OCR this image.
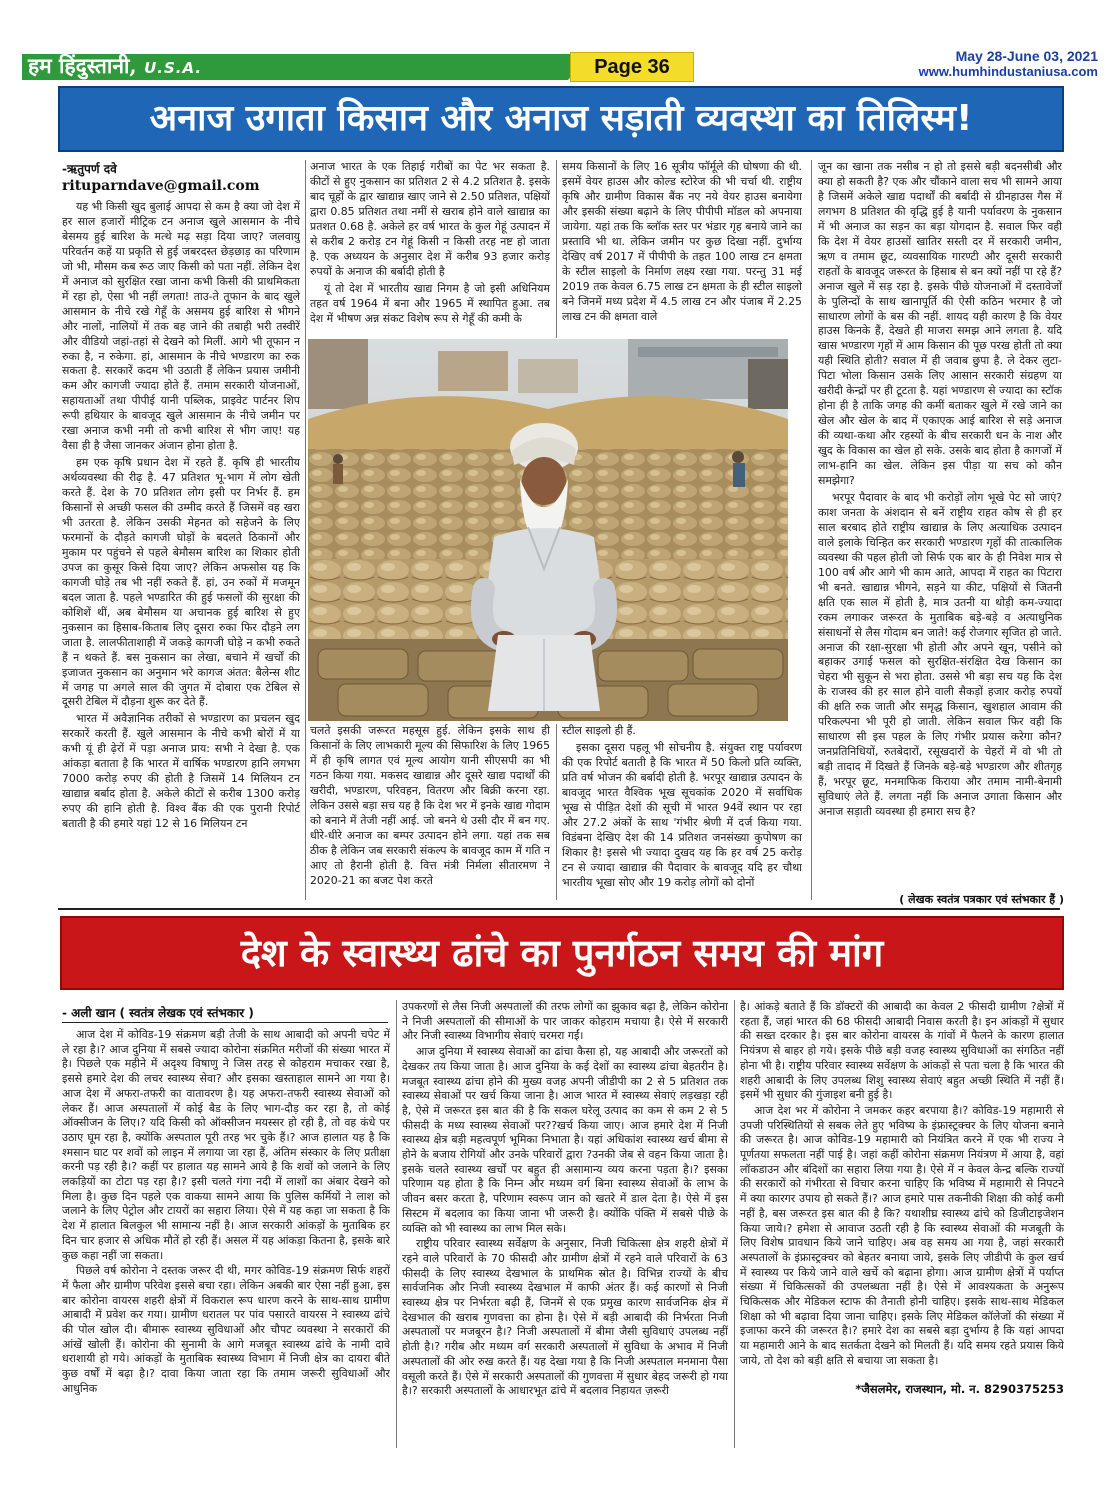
हम हिंदुस्तानी, U.S.A.	Page 36	May 28-June 03, 2021
www.humhindustaniusa.com
अनाज उगाता किसान और अनाज सड़ाती व्यवस्था का तिलिस्म!
-ऋतुपर्ण दवे
rituparndave@gmail.com

यह भी किसी खुद बुलाई आपदा से कम है क्या जो देश में हर साल हजारों मीट्रिक टन अनाज खुले आसमान के नीचे बेसमय हुई बारिश के मत्थे मढ़ सड़ा दिया जाए? जलवायु परिवर्तन कहें या प्रकृति से हुई जबरदस्त छेड़छाड़ का परिणाम जो भी, मौसम कब रूठ जाए किसी को पता नहीं. लेकिन देश में अनाज को सुरक्षित रखा जाना कभी किसी की प्राथमिकता में रहा हो, ऐसा भी नहीं लगता! ताउ-ते तूफान के बाद खुले आसमान के नीचे रखे गेहूँ के असमय हुई बारिश से भीगने और नालों, नालियों में तक बह जाने की तबाही भरी तस्वीरें और वीडियो जहां-तहां से देखने को मिलीं. आगे भी तूफान न रुका है, न रुकेगा. हां, आसमान के नीचे भण्डारण का रुक सकता है. सरकारें कदम भी उठाती हैं लेकिन प्रयास जमीनी कम और कागजी ज्यादा होते हैं. तमाम सरकारी योजनाओं, सहायताओं तथा पीपीई यानी पब्लिक, प्राइवेट पार्टनर शिप रूपी हथियार के बावजूद खुले आसमान के नीचे जमीन पर रखा अनाज कभी नमी तो कभी बारिश से भीग जाए! यह वैसा ही है जैसा जानकर अंजान होना होता है.

हम एक कृषि प्रधान देश में रहते हैं. कृषि ही भारतीय अर्थव्यवस्था की रीढ़ है. 47 प्रतिशत भू-भाग में लोग खेती करते हैं. देश के 70 प्रतिशत लोग इसी पर निर्भर हैं. हम किसानों से अच्छी फसल की उम्मीद करते हैं जिसमें वह खरा भी उतरता है. लेकिन उसकी मेहनत को सहेजने के लिए फरमानों के दौड़ते कागजी घोड़ों के बदलते ठिकानों और मुकाम पर पहुंचने से पहले बेमौसम बारिश का शिकार होती उपज का कुसूर किसे दिया जाए? लेकिन अफसोस यह कि कागजी घोड़े तब भी नहीं रुकते हैं. हां, उन रुकों में मजमून बदल जाता है. पहले भण्डारित की हुई फसलों की सुरक्षा की कोशिशें थीं, अब बेमौसम या अचानक हुई बारिश से हुए नुकसान का हिसाब-किताब लिए दूसरा रुका फिर दौड़ने लग जाता है. लालफीताशाही में जकड़े कागजी घोड़े न कभी रुकते हैं न थकते हैं. बस नुकसान का लेखा, बचाने में खर्चों की इजाजत नुकसान का अनुमान भरे कागज अंतत: बैलेन्स शीट में जगह पा अगले साल की जुगत में दोबारा एक टेबिल से दूसरी टेबिल में दौड़ना शुरू कर देते हैं.

भारत में अवैज्ञानिक तरीकों से भण्डारण का प्रचलन खुद सरकारें करती हैं. खुले आसमान के नीचे कभी बोरों में या कभी यूं ही ढ़ेरों में पड़ा अनाज प्राय: सभी ने देखा है. एक आंकड़ा बताता है कि भारत में वार्षिक भण्डारण हानि लगभग 7000 करोड़ रुपए की होती है जिसमें 14 मिलियन टन खाद्यान्न बर्बाद होता है. अकेले कीटों से करीब 1300 करोड़ रुपए की हानि होती है. विश्व बैंक की एक पुरानी रिपोर्ट बताती है की हमारे यहां 12 से 16 मिलियन टन

अनाज भारत के एक तिहाई गरीबों का पेट भर सकता है. कीटों से हुए नुकसान का प्रतिशत 2 से 4.2 प्रतिशत है. इसके बाद चूहों के द्वार खाद्यान्न खाए जाने से 2.50 प्रतिशत, पक्षियों द्वारा 0.85 प्रतिशत तथा नमीं से खराब होने वाले खाद्यान्न का प्रतशत 0.68 है. अकेले हर वर्ष भारत के कुल गेहूं उत्पादन में से करीब 2 करोड़ टन गेहूं किसी न किसी तरह नष्ट हो जाता है. एक अध्ययन के अनुसार देश में करीब 93 हजार करोड़ रुपयों के अनाज की बर्बादी होती है

यूं तो देश में भारतीय खाद्य निगम है जो इसी अधिनियम तहत वर्ष 1964 में बना और 1965 में स्थापित हुआ. तब देश में भीषण अन्न संकट विशेष रूप से गेहूँ की कमी के

समय किसानों के लिए 16 सूत्रीय फॉर्मूले की घोषणा की थी. इसमें वेयर हाउस और कोल्ड स्टोरेज की भी चर्चा थी. राष्ट्रीय कृषि और ग्रामीण विकास बैंक नए नये वेयर हाउस बनायेगा और इसकी संख्या बढ़ाने के लिए पीपीपी मॉडल को अपनाया जायेगा. यहां तक कि ब्लॉक स्तर पर भंडार गृह बनाये जाने का प्रस्तावि भी था. लेकिन जमीन पर कुछ दिखा नहीं. दुर्भाग्य देखिए वर्ष 2017 में पीपीपी के तहत 100 लाख टन क्षमता के स्टील साइलो के निर्माण लक्ष्य रखा गया. परन्तु 31 मई 2019 तक केवल 6.75 लाख टन क्षमता के ही स्टील साइलो बने जिनमें मध्य प्रदेश में 4.5 लाख टन और पंजाब में 2.25 लाख टन की क्षमता वाले

चलते इसकी जरूरत महसूस हुई. लेकिन इसके साथ ही किसानों के लिए लाभकारी मूल्य की सिफारिश के लिए 1965 में ही कृषि लागत एवं मूल्य आयोग यानी सीएसपी का भी गठन किया गया. मकसद खाद्यान्न और दूसरे खाद्य पदार्थों की खरीदी, भण्डारण, परिवहन, वितरण और बिक्री करना रहा. लेकिन उससे बड़ा सच यह है कि देश भर में इनके खाद्य गोदाम को बनाने में तेजी नहीं आई. जो बनने थे उसी दौर में बन गए. धीरे-धीरे अनाज का बम्पर उत्पादन होने लगा. यहां तक सब ठीक है लेकिन जब सरकारी संकल्प के बावजूद काम में गति न आए तो हैरानी होती है. वित्त मंत्री निर्मला सीतारमण ने 2020-21 का बजट पेश करते

स्टील साइलो ही हैं.

इसका दूसरा पहलू भी सोचनीय है. संयुक्त राष्ट्र पर्यावरण की एक रिपोर्ट बताती है कि भारत में 50 किलो प्रति व्यक्ति, प्रति वर्ष भोजन की बर्बादी होती है. भरपूर खाद्यान्न उत्पादन के बावजूद भारत वैश्विक भूख सूचकांक 2020 में सर्वाधिक भूख से पीड़ित देशों की सूची में भारत 94वें स्थान पर रहा और 27.2 अंकों के साथ 'गंभीर श्रेणी में दर्ज किया गया. विडंबना देखिए देश की 14 प्रतिशत जनसंख्या कुपोषण का शिकार है! इससे भी ज्यादा दुखद यह कि हर वर्ष 25 करोड़ टन से ज्यादा खाद्यान्न की पैदावार के बावजूद यदि हर चौथा भारतीय भूखा सोए और 19 करोड़ लोगों को दोनों

जून का खाना तक नसीब न हो तो इससे बड़ी बदनसीबी और क्या हो सकती है? एक और चौंकाने वाला सच भी सामने आया है जिसमें अकेले खाद्य पदार्थों की बर्बादी से ग्रीनहाउस गैस में लगभग 8 प्रतिशत की वृद्धि हुई है यानी पर्यावरण के नुकसान में भी अनाज का सड़न का बड़ा योगदान है. सवाल फिर वही कि देश में वेयर हाउसों खातिर सस्ती दर में सरकारी जमीन, ऋण व तमाम छूट, व्यवसायिक गारण्टी और दूसरी सरकारी राहतों के बावजूद जरूरत के हिसाब से बन क्यों नहीं पा रहे हैं? अनाज खुले में सड़ रहा है. इसके पीछे योजनाओं में दस्तावेजों के पुलिन्दों के साथ खानापूर्ति की ऐसी कठिन भरमार है जो साधारण लोगों के बस की नहीं. शायद यही कारण है कि वेयर हाउस किनके हैं, देखते ही माजरा समझ आने लगता है. यदि खास भण्डारण गृहों में आम किसान की पूछ परख होती तो क्या यही स्थिति होती? सवाल में ही जवाब छुपा है. ले देकर लुटा-पिटा भोला किसान उसके लिए आसान सरकारी संग्रहण या खरीदी केन्द्रों पर ही टूटता है. यहां भण्डारण से ज्यादा का स्टॉक होना ही है ताकि जगह की कमीं बताकर खुले में रखे जाने का खेल और खेल के बाद में एकाएक आई बारिश से सड़े अनाज की व्यथा-कथा और रहस्यों के बीच सरकारी धन के नाश और खुद के विकास का खेल हो सके. उसके बाद होता है कागजों में लाभ-हानि का खेल. लेकिन इस पीड़ा या सच को कौन समझेगा?

भरपूर पैदावार के बाद भी करोड़ों लोग भूखे पेट सो जाएं? काश जनता के अंशदान से बनें राष्ट्रीय राहत कोष से ही हर साल बरबाद होते राष्ट्रीय खाद्यान्न के लिए अत्याधिक उत्पादन वाले इलाके चिन्हित कर सरकारी भण्डारण गृहों की तात्कालिक व्यवस्था की पहल होती जो सिर्फ एक बार के ही निवेश मात्र से 100 वर्ष और आगे भी काम आते, आपदा में राहत का पिटारा भी बनते. खाद्यान्न भीगने, सड़ने या कीट, पक्षियों से जितनी क्षति एक साल में होती है, मात्र उतनी या थोड़ी कम-ज्यादा रकम लगाकर जरूरत के मुताबिक बड़े-बड़े व अत्याधुनिक संसाधनों से लैस गोदाम बन जाते! कई रोजगार सृजित हो जाते. अनाज की रक्षा-सुरक्षा भी होती और अपने खून, पसीने को बहाकर उगाई फसल को सुरक्षित-संरक्षित देख किसान का चेहरा भी सुकून से भरा होता. उससे भी बड़ा सच यह कि देश के राजस्व की हर साल होने वाली सैकड़ों हजार करोड़ रुपयों की क्षति रुक जाती और समृद्ध किसान, खुशहाल आवाम की परिकल्पना भी पूरी हो जाती. लेकिन सवाल फिर वही कि साधारण सी इस पहल के लिए गंभीर प्रयास करेगा कौन? जनप्रतिनिधियों, रुतबेदारों, रसूखदारों के चेहरों में वो भी तो बड़ी तादाद में दिखते हैं जिनके बड़े-बड़े भण्डारण और शीतगृह हैं, भरपूर छूट, मनमाफिक किराया और तमाम नामी-बेनामी सुविधाएं लेते हैं. लगता नहीं कि अनाज उगाता किसान और अनाज सड़ाती व्यवस्था ही हमारा सच है?

( लेखक स्वतंत्र पत्रकार एवं स्तंभकार हैं )
देश के स्वास्थ्य ढांचे का पुनर्गठन समय की मांग
- अली खान ( स्वतंत्र लेखक एवं स्तंभकार )

आज देश में कोविड-19 संक्रमण बड़ी तेजी के साथ आबादी को अपनी चपेट में ले रहा है।? आज दुनिया में सबसे ज्यादा कोरोना संक्रमित मरीजों की संख्या भारत में है। पिछले एक महीने में अदृश्य विषाणु ने जिस तरह से कोहराम मचाकर रखा है, इससे हमारे देश की लचर स्वास्थ्य सेवा? और इसका खस्ताहाल सामने आ गया है।आज देश में अफरा-तफरी का वातावरण है। यह अफरा-तफरी स्वास्थ्य सेवाओं को लेकर हैं। आज अस्पतालों में कोई बैड के लिए भाग-दौड़ कर रहा है, तो कोई ऑक्सीजन के लिए।? यदि किसी को ऑक्सीजन मयस्सर हो रही है, तो वह कंधे पर उठाए घूम रहा है, क्योंकि अस्पताल पूरी तरह भर चुके हैं।? आज हालात यह है कि श्मसान घाट पर शवों को लाइन में लगाया जा रहा हैं, अंतिम संस्कार के लिए प्रतीक्षा करनी पड़ रही है।? कहीं पर हालात यह सामने आये है कि शवों को जलाने के लिए लकड़ियों का टोटा पड़ रहा है।? इसी चलते गंगा नदी में लाशों का अंबार देखने को मिला है। कुछ दिन पहले एक वाकया सामने आया कि पुलिस कर्मियों ने लाश को जलाने के लिए पेट्रोल और टायरों का सहारा लिया। ऐसे में यह कहा जा सकता है कि देश में हालात बिलकुल भी सामान्य नहीं है। आज सरकारी आंकड़ों के मुताबिक हर दिन चार हजार से अधिक मौतें हो रही हैं। असल में यह आंकड़ा कितना है, इसके बारे कुछ कहा नहीं जा सकता।

पिछले वर्ष कोरोना ने दस्तक जरूर दी थी, मगर कोविड-19 संक्रमण सिर्फ शहरों में फैला और ग्रामीण परिवेश इससे बचा रहा। लेकिन अबकी बार ऐसा नहीं हुआ, इस बार कोरोना वायरस शहरी क्षेत्रों में विकराल रूप धारण करने के साथ-साथ ग्रामीण आबादी में प्रवेश कर गया। ग्रामीण धरातल पर पांव पसारते वायरस ने स्वास्थ्य ढांचे की पोल खोल दी। बीमारू स्वास्थ्य सुविधाओं और चौपट व्यवस्था ने सरकारों की आंखें खोली हैं। कोरोना की सुनामी के आगे मजबूत स्वास्थ्य ढांचे के नामी दावे धराशायी हो गये। आंकड़ों के मुताबिक स्वास्थ्य विभाग में निजी क्षेत्र का दायरा बीते कुछ वर्षों में बढ़ा है।? दावा किया जाता रहा कि तमाम जरूरी सुविधाओं और आधुनिक

उपकरणों से लैस निजी अस्पतालों की तरफ लोगों का झुकाव बढ़ा है, लेकिन कोरोना ने निजी अस्पतालों की सीमाओं के पार जाकर कोहराम मचाया है। ऐसे में सरकारी और निजी स्वास्थ्य विभागीय सेवाएं चरमरा गईं।

आज दुनिया में स्वास्थ्य सेवाओं का ढांचा कैसा हो, यह आबादी और जरूरतों को देखकर तय किया जाता है। आज दुनिया के कई देशों का स्वास्थ्य ढांचा बेहतरीन है। मजबूत स्वास्थ्य ढांचा होने की मुख्य वजह अपनी जीडीपी का 2 से 5 प्रतिशत तक स्वास्थ्य सेवाओं पर खर्च किया जाना है। आज भारत में स्वास्थ्य सेवाएं लड़खड़ा रही है, ऐसे में जरूरत इस बात की है कि सकल घरेलू उत्पाद का कम से कम 2 से 5 फीसदी के मध्य स्वास्थ्य सेवाओं पर??खर्च किया जाए। आज हमारे देश में निजी स्वास्थ्य क्षेत्र बड़ी महत्वपूर्ण भूमिका निभाता है। यहां अधिकांश स्वास्थ्य खर्च बीमा से होने के बजाय रोगियों और उनके परिवारों द्वारा ?उनकी जेब से वहन किया जाता है। इसके चलते स्वास्थ्य खर्चों पर बहुत ही असामान्य व्यय करना पड़ता है।? इसका परिणाम यह होता है कि निम्न और मध्यम वर्ग बिना स्वास्थ्य सेवाओं के लाभ के जीवन बसर करता है, परिणाम स्वरूप जान को खतरे में डाल देता है। ऐसे में इस सिस्टम में बदलाव का किया जाना भी जरूरी है। क्योंकि पंक्ति में सबसे पीछे के व्यक्ति को भी स्वास्थ्य का लाभ मिल सके।

राष्ट्रीय परिवार स्वास्थ्य सर्वेक्षण के अनुसार, निजी चिकित्सा क्षेत्र शहरी क्षेत्रों में रहने वाले परिवारों के 70 फीसदी और ग्रामीण क्षेत्रों में रहने वाले परिवारों के 63 फीसदी के लिए स्वास्थ्य देखभाल के प्राथमिक स्रोत है। विभिन्न राज्यों के बीच सार्वजनिक और निजी स्वास्थ्य देखभाल में काफी अंतर हैं। कई कारणों से निजी स्वास्थ्य क्षेत्र पर निर्भरता बढ़ी हैं, जिनमें से एक प्रमुख कारण सार्वजनिक क्षेत्र में देखभाल की खराब गुणवत्ता का होना है। ऐसे में बड़ी आबादी की निर्भरता निजी अस्पतालों पर मजबूरन है।? निजी अस्पतालों में बीमा जैसी सुविधाएं उपलब्ध नहीं होती है।? गरीब और मध्यम वर्ग सरकारी अस्पतालों में सुविधा के अभाव में निजी अस्पतालों की ओर रुख करते हैं। यह देखा गया है कि निजी अस्पताल मनमाना पैसा वसूली करते हैं। ऐसे में सरकारी अस्पतालों की गुणवत्ता में सुधार बेहद जरूरी हो गया है।? सरकारी अस्पतालों के आधारभूत ढांचे में बदलाव निहायत ज़रूरी

है। आंकड़े बताते हैं कि डॉक्टरों की आबादी का केवल 2 फीसदी ग्रामीण ?क्षेत्रों में रहता हैं, जहां भारत की 68 फीसदी आबादी निवास करती है। इन आंकड़ों में सुधार की सख्त दरकार है। इस बार कोरोना वायरस के गांवों में फैलने के कारण हालात नियंत्रण से बाहर हो गये। इसके पीछे बड़ी वजह स्वास्थ्य सुविधाओं का संगठित नहीं होना भी है। राष्ट्रीय परिवार स्वास्थ्य सर्वेक्षण के आंकड़ों से पता चला है कि भारत की शहरी आबादी के लिए उपलब्ध शिशु स्वास्थ्य सेवाएं बहुत अच्छी स्थिति में नहीं हैं। इसमें भी सुधार की गुंजाइश बनी हुई है।

आज देश भर में कोरोना ने जमकर कहर बरपाया है।? कोविड-19 महामारी से उपजी परिस्थितियों से सबक लेते हुए भविष्य के इंफ्रास्ट्रक्चर के लिए योजना बनाने की जरूरत है। आज कोविड-19 महामारी को नियंत्रित करने में एक भी राज्य ने पूर्णतया सफलता नहीं पाई है। जहां कहीं कोरोना संक्रमण नियंत्रण में आया है, वहां लॉकडाउन और बंदिशों का सहारा लिया गया है। ऐसे में न केवल केन्द्र बल्कि राज्यों की सरकारों को गंभीरता से विचार करना चाहिए कि भविष्य में महामारी से निपटने में क्या कारगर उपाय हो सकते हैं।? आज हमारे पास तकनीकी शिक्षा की कोई कमी नहीं है, बस जरूरत इस बात की है कि? यथाशीघ्र स्वास्थ्य ढांचे को डिजीटाइजेशन किया जाये।? हमेशा से आवाज उठती रही है कि स्वास्थ्य सेवाओं की मजबूती के लिए विशेष प्रावधान किये जाने चाहिए। अब वह समय आ गया है, जहां सरकारी अस्पतालों के इंफ्रास्ट्रक्चर को बेहतर बनाया जाये, इसके लिए जीडीपी के कुल खर्च में स्वास्थ्य पर किये जाने वाले खर्चे को बढ़ाना होगा। आज ग्रामीण क्षेत्रों में पर्याप्त संख्या में चिकित्सकों की उपलब्धता नहीं है। ऐसे में आवश्यकता के अनुरूप चिकित्सक और मेडिकल स्टाफ की तैनाती होनी चाहिए। इसके साथ-साथ मेडिकल शिक्षा को भी बढ़ावा दिया जाना चाहिए। इसके लिए मेडिकल कॉलेजों की संख्या में इजाफा करने की जरूरत है।? हमारे देश का सबसे बड़ा दुर्भाग्य है कि यहां आपदा या महामारी आने के बाद सतर्कता देखने को मिलती हैं। यदि समय रहते प्रयास किये जाये, तो देश को बड़ी क्षति से बचाया जा सकता है।

*जैसलमेर, राजस्थान, मो. न. 8290375253
